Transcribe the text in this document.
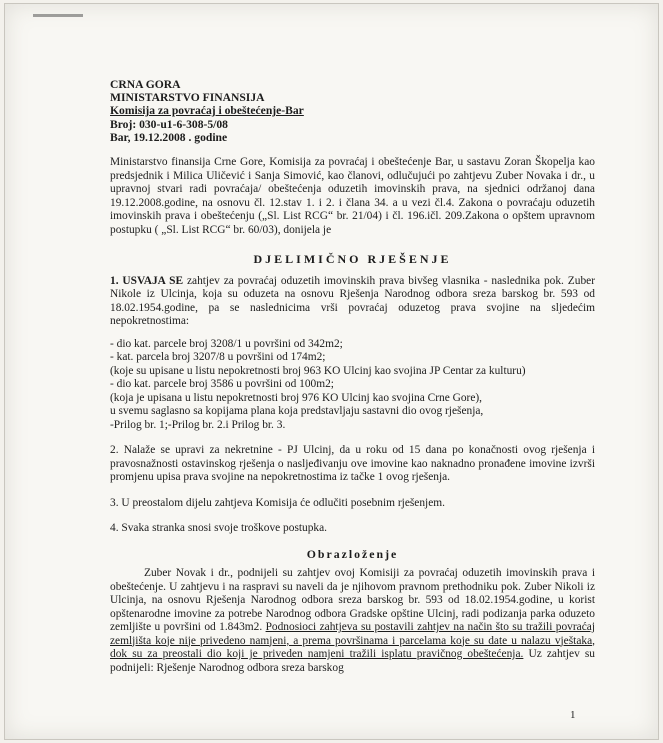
CRNA GORA
MINISTARSTVO FINANSIJA
Komisija za povraćaj i obeštećenje-Bar
Broj: 030-u1-6-308-5/08
Bar, 19.12.2008 . godine

Ministarstvo finansija Crne Gore, Komisija za povraćaj i obeštećenje Bar, u sastavu Zoran Škopelja kao predsjednik i Milica Uličević i Sanja Simović, kao članovi, odlučujući po zahtjevu Zuber Novaka i dr., u upravnoj stvari radi povraćaja/ obeštećenja oduzetih imovinskih prava, na sjednici održanoj dana 19.12.2008.godine, na osnovu čl. 12.stav 1. i 2. i člana 34. a u vezi čl.4. Zakona o povraćaju oduzetih imovinskih prava i obeštećenju („Sl. List RCG“ br. 21/04) i čl. 196.ičl. 209.Zakona o opštem upravnom postupku ( „Sl. List RCG“ br. 60/03), donijela je

DJELIMIČNO RJEŠENJE

1. USVAJA SE zahtjev za povraćaj oduzetih imovinskih prava bivšeg vlasnika - naslednika pok. Zuber Nikole iz Ulcinja, koja su oduzeta na osnovu Rješenja Narodnog odbora sreza barskog br. 593 od 18.02.1954.godine, pa se naslednicima vrši povraćaj oduzetog prava svojine na sljedećim nepokretnostima:

- dio kat. parcele broj 3208/1 u površini od 342m2;
- kat. parcela broj 3207/8 u površini od 174m2;
(koje su upisane u listu nepokretnosti broj 963 KO Ulcinj kao svojina JP Centar za kulturu)
- dio kat. parcele broj 3586 u površini od 100m2;
(koja je upisana u listu nepokretnosti broj 976 KO Ulcinj kao svojina Crne Gore),
u svemu saglasno sa kopijama plana koja predstavljaju sastavni dio ovog rješenja,
-Prilog br. 1;-Prilog br. 2.i Prilog br. 3.

2. Nalaže se upravi za nekretnine - PJ Ulcinj, da u roku od 15 dana po konačnosti ovog rješenja i pravosnažnosti ostavinskog rješenja o nasljeđivanju ove imovine kao naknadno pronađene imovine izvrši promjenu upisa prava svojine na nepokretnostima iz tačke 1 ovog rješenja.

3. U preostalom dijelu zahtjeva Komisija će odlučiti posebnim rješenjem.

4. Svaka stranka snosi svoje troškove postupka.

Obrazloženje

Zuber Novak i dr., podnijeli su zahtjev ovoj Komisiji za povraćaj oduzetih imovinskih prava i obeštećenje. U zahtjevu i na raspravi su naveli da je njihovom pravnom prethodniku pok. Zuber Nikoli iz Ulcinja, na osnovu Rješenja Narodnog odbora sreza barskog br. 593 od 18.02.1954.godine, u korist opštenarodne imovine za potrebe Narodnog odbora Gradske opštine Ulcinj, radi podizanja parka oduzeto zemljište u površini od 1.843m2. Podnosioci zahtjeva su postavili zahtjev na način što su tražili povraćaj zemljišta koje nije privedeno namjeni, a prema površinama i parcelama koje su date u nalazu vještaka, dok su za preostali dio koji je priveden namjeni tražili isplatu pravičnog obeštećenja. Uz zahtjev su podnijeli: Rješenje Narodnog odbora sreza barskog

1
